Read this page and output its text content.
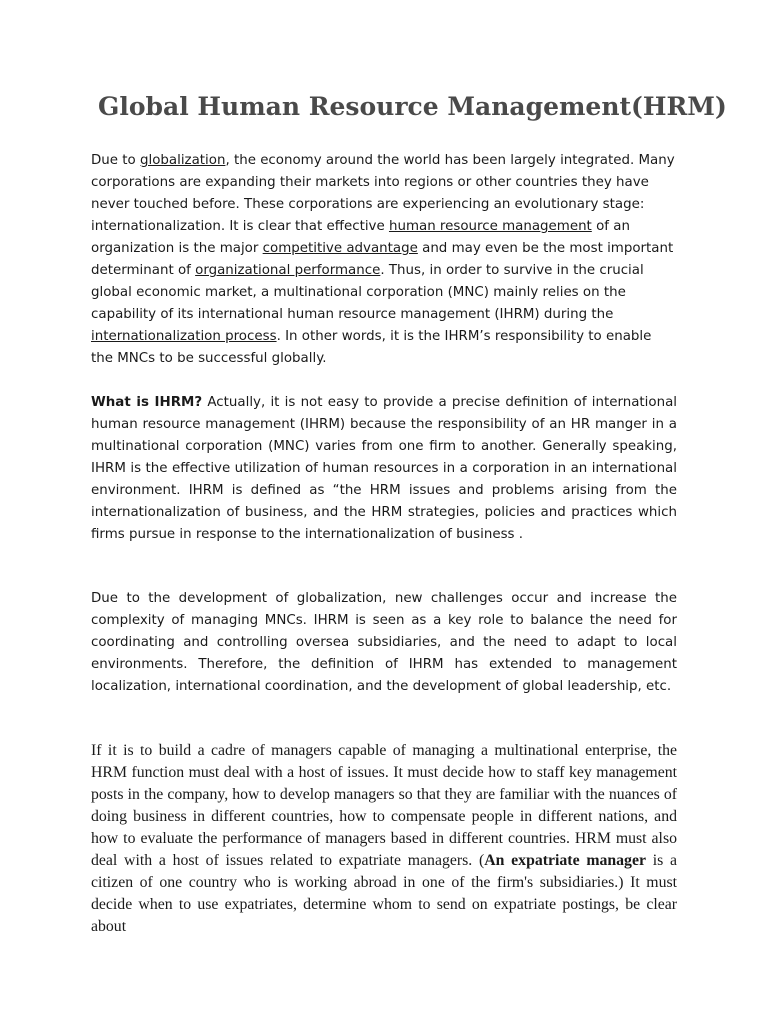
Global Human Resource Management(HRM)

Due to globalization, the economy around the world has been largely integrated. Many corporations are expanding their markets into regions or other countries they have never touched before. These corporations are experiencing an evolutionary stage: internationalization. It is clear that effective human resource management of an organization is the major competitive advantage and may even be the most important determinant of organizational performance. Thus, in order to survive in the crucial global economic market, a multinational corporation (MNC) mainly relies on the capability of its international human resource management (IHRM) during the internationalization process. In other words, it is the IHRM’s responsibility to enable the MNCs to be successful globally.

What is IHRM? Actually, it is not easy to provide a precise definition of international human resource management (IHRM) because the responsibility of an HR manger in a multinational corporation (MNC) varies from one firm to another. Generally speaking, IHRM is the effective utilization of human resources in a corporation in an international environment. IHRM is defined as “the HRM issues and problems arising from the internationalization of business, and the HRM strategies, policies and practices which firms pursue in response to the internationalization of business .

Due to the development of globalization, new challenges occur and increase the complexity of managing MNCs. IHRM is seen as a key role to balance the need for coordinating and controlling oversea subsidiaries, and the need to adapt to local environments. Therefore, the definition of IHRM has extended to management localization, international coordination, and the development of global leadership, etc.

If it is to build a cadre of managers capable of managing a multinational enterprise, the HRM function must deal with a host of issues. It must decide how to staff key management posts in the company, how to develop managers so that they are familiar with the nuances of doing business in different countries, how to compensate people in different nations, and how to evaluate the performance of managers based in different countries. HRM must also deal with a host of issues related to expatriate managers. (An expatriate manager is a citizen of one country who is working abroad in one of the firm's subsidiaries.) It must decide when to use expatriates, determine whom to send on expatriate postings, be clear about
